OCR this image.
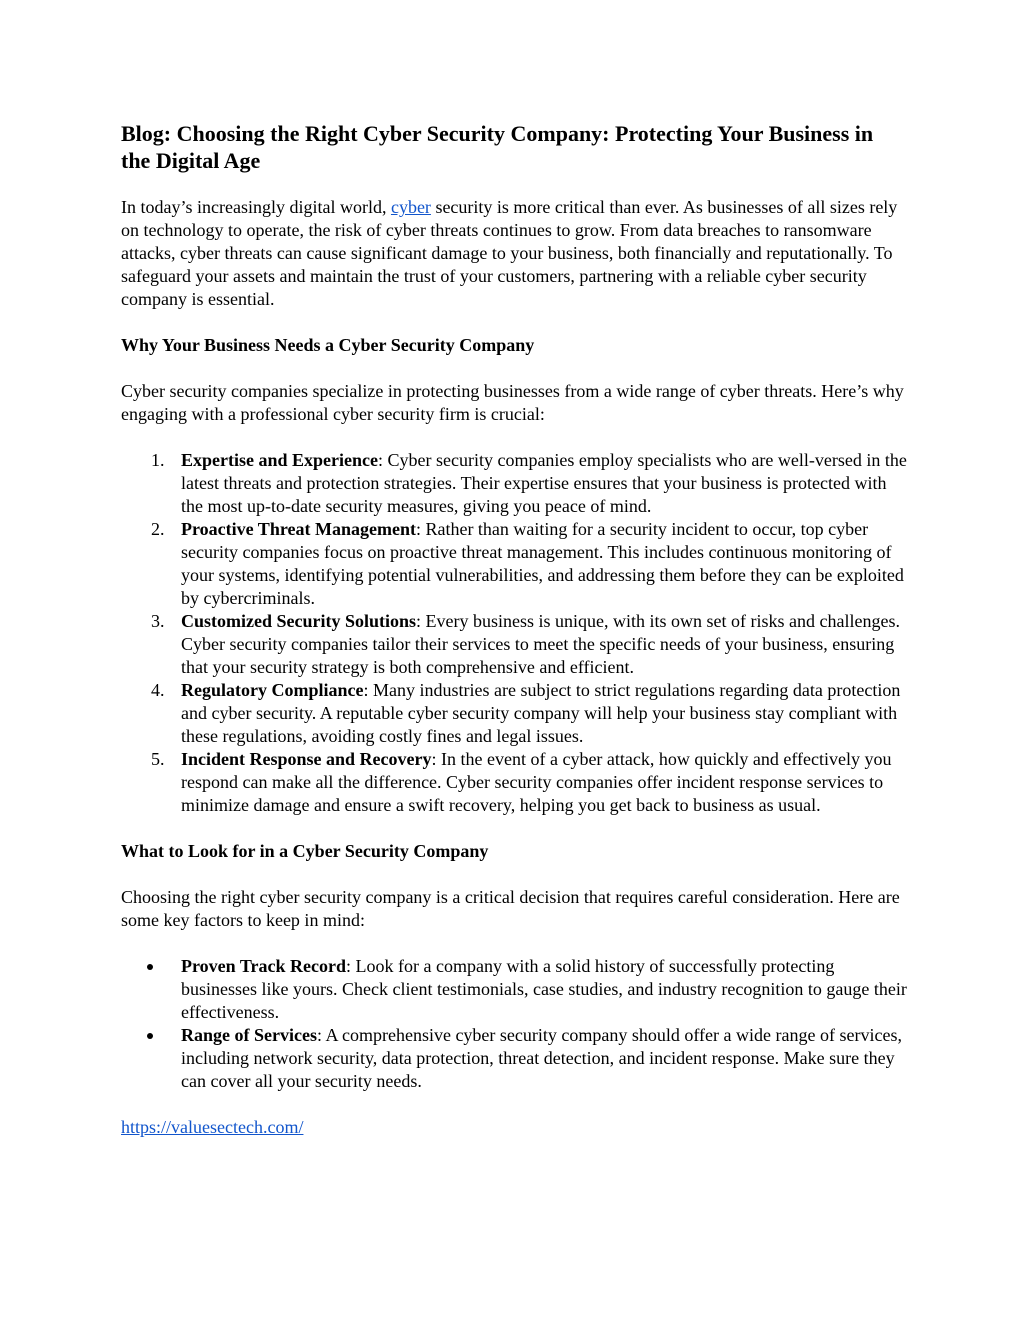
Blog: Choosing the Right Cyber Security Company: Protecting Your Business in the Digital Age

In today’s increasingly digital world, cyber security is more critical than ever. As businesses of all sizes rely on technology to operate, the risk of cyber threats continues to grow. From data breaches to ransomware attacks, cyber threats can cause significant damage to your business, both financially and reputationally. To safeguard your assets and maintain the trust of your customers, partnering with a reliable cyber security company is essential.

Why Your Business Needs a Cyber Security Company

Cyber security companies specialize in protecting businesses from a wide range of cyber threats. Here’s why engaging with a professional cyber security firm is crucial:

1. Expertise and Experience: Cyber security companies employ specialists who are well-versed in the latest threats and protection strategies. Their expertise ensures that your business is protected with the most up-to-date security measures, giving you peace of mind.
2. Proactive Threat Management: Rather than waiting for a security incident to occur, top cyber security companies focus on proactive threat management. This includes continuous monitoring of your systems, identifying potential vulnerabilities, and addressing them before they can be exploited by cybercriminals.
3. Customized Security Solutions: Every business is unique, with its own set of risks and challenges. Cyber security companies tailor their services to meet the specific needs of your business, ensuring that your security strategy is both comprehensive and efficient.
4. Regulatory Compliance: Many industries are subject to strict regulations regarding data protection and cyber security. A reputable cyber security company will help your business stay compliant with these regulations, avoiding costly fines and legal issues.
5. Incident Response and Recovery: In the event of a cyber attack, how quickly and effectively you respond can make all the difference. Cyber security companies offer incident response services to minimize damage and ensure a swift recovery, helping you get back to business as usual.
What to Look for in a Cyber Security Company

Choosing the right cyber security company is a critical decision that requires careful consideration. Here are some key factors to keep in mind:

Proven Track Record: Look for a company with a solid history of successfully protecting businesses like yours. Check client testimonials, case studies, and industry recognition to gauge their effectiveness.
Range of Services: A comprehensive cyber security company should offer a wide range of services, including network security, data protection, threat detection, and incident response. Make sure they can cover all your security needs.

https://valuesectech.com/
